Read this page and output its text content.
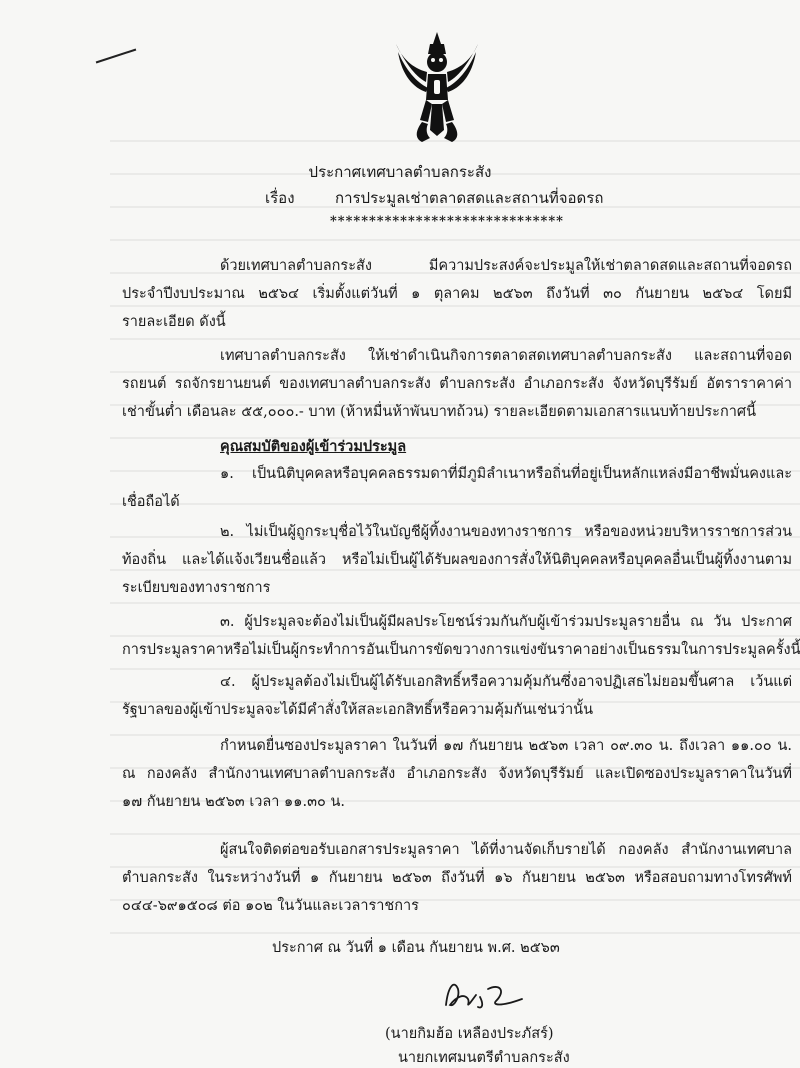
ประกาศเทศบาลตำบลกระสัง
เรื่อง	การประมูลเช่าตลาดสดและสถานที่จอดรถ
******************************
ด้วยเทศบาลตำบลกระสัง มีความประสงค์จะประมูลให้เช่าตลาดสดและสถานที่จอดรถ
ประจำปีงบประมาณ ๒๕๖๔ เริ่มตั้งแต่วันที่ ๑ ตุลาคม ๒๕๖๓ ถึงวันที่ ๓๐ กันยายน ๒๕๖๔ โดยมี
รายละเอียด ดังนี้
เทศบาลตำบลกระสัง ให้เช่าดำเนินกิจการตลาดสดเทศบาลตำบลกระสัง และสถานที่จอด
รถยนต์ รถจักรยานยนต์ ของเทศบาลตำบลกระสัง ตำบลกระสัง อำเภอกระสัง จังหวัดบุรีรัมย์ อัตราราคาค่า
เช่าขั้นต่ำ เดือนละ ๕๕,๐๐๐.- บาท (ห้าหมื่นห้าพันบาทถ้วน) รายละเอียดตามเอกสารแนบท้ายประกาศนี้
คุณสมบัติของผู้เข้าร่วมประมูล
๑. เป็นนิติบุคคลหรือบุคคลธรรมดาที่มีภูมิลำเนาหรือถิ่นที่อยู่เป็นหลักแหล่งมีอาชีพมั่นคงและ
เชื่อถือได้
๒. ไม่เป็นผู้ถูกระบุชื่อไว้ในบัญชีผู้ทิ้งงานของทางราชการ หรือของหน่วยบริหารราชการส่วน
ท้องถิ่น และได้แจ้งเวียนชื่อแล้ว หรือไม่เป็นผู้ได้รับผลของการสั่งให้นิติบุคคลหรือบุคคลอื่นเป็นผู้ทิ้งงานตาม
ระเบียบของทางราชการ
๓. ผู้ประมูลจะต้องไม่เป็นผู้มีผลประโยชน์ร่วมกันกับผู้เข้าร่วมประมูลรายอื่น ณ วัน ประกาศ
การประมูลราคาหรือไม่เป็นผู้กระทำการอันเป็นการขัดขวางการแข่งขันราคาอย่างเป็นธรรมในการประมูลครั้งนี้
๔. ผู้ประมูลต้องไม่เป็นผู้ได้รับเอกสิทธิ์หรือความคุ้มกันซึ่งอาจปฏิเสธไม่ยอมขึ้นศาล เว้นแต่
รัฐบาลของผู้เข้าประมูลจะได้มีคำสั่งให้สละเอกสิทธิ์หรือความคุ้มกันเช่นว่านั้น
กำหนดยื่นซองประมูลราคา ในวันที่ ๑๗ กันยายน ๒๕๖๓ เวลา ๐๙.๓๐ น. ถึงเวลา ๑๑.๐๐ น.
ณ กองคลัง สำนักงานเทศบาลตำบลกระสัง อำเภอกระสัง จังหวัดบุรีรัมย์ และเปิดซองประมูลราคาในวันที่
๑๗ กันยายน ๒๕๖๓ เวลา ๑๑.๓๐ น.
ผู้สนใจติดต่อขอรับเอกสารประมูลราคา ได้ที่งานจัดเก็บรายได้ กองคลัง สำนักงานเทศบาล
ตำบลกระสัง ในระหว่างวันที่ ๑ กันยายน ๒๕๖๓ ถึงวันที่ ๑๖ กันยายน ๒๕๖๓ หรือสอบถามทางโทรศัพท์
๐๔๔-๖๙๑๕๐๘ ต่อ ๑๐๒ ในวันและเวลาราชการ
ประกาศ ณ วันที่ ๑ เดือน กันยายน พ.ศ. ๒๕๖๓
(นายกิมฮ้อ เหลืองประภัสร์)
นายกเทศมนตรีตำบลกระสัง
